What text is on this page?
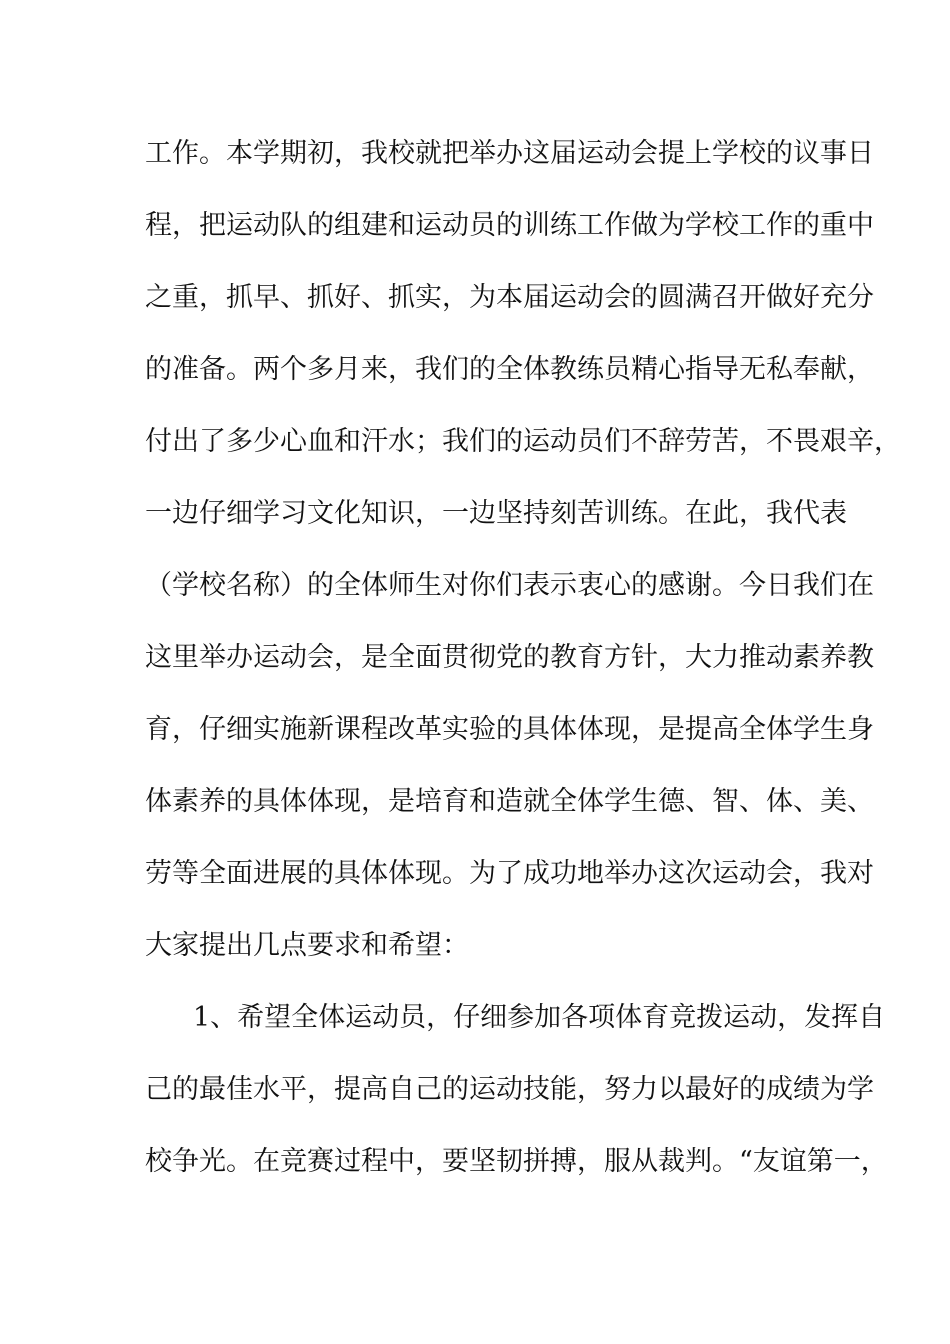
工作。本学期初，我校就把举办这届运动会提上学校的议事日
程，把运动队的组建和运动员的训练工作做为学校工作的重中
之重，抓早、抓好、抓实，为本届运动会的圆满召开做好充分
的准备。两个多月来，我们的全体教练员精心指导无私奉献，
付出了多少心血和汗水；我们的运动员们不辞劳苦，不畏艰辛，
一边仔细学习文化知识，一边坚持刻苦训练。在此，我代表
（学校名称）的全体师生对你们表示衷心的感谢。今日我们在
这里举办运动会，是全面贯彻党的教育方针，大力推动素养教
育，仔细实施新课程改革实验的具体体现，是提高全体学生身
体素养的具体体现，是培育和造就全体学生德、智、体、美、
劳等全面进展的具体体现。为了成功地举办这次运动会，我对
大家提出几点要求和希望：
1、希望全体运动员，仔细参加各项体育竞拨运动，发挥自
己的最佳水平，提高自己的运动技能，努力以最好的成绩为学
校争光。在竞赛过程中，要坚韧拼搏，服从裁判。“友谊第一，
